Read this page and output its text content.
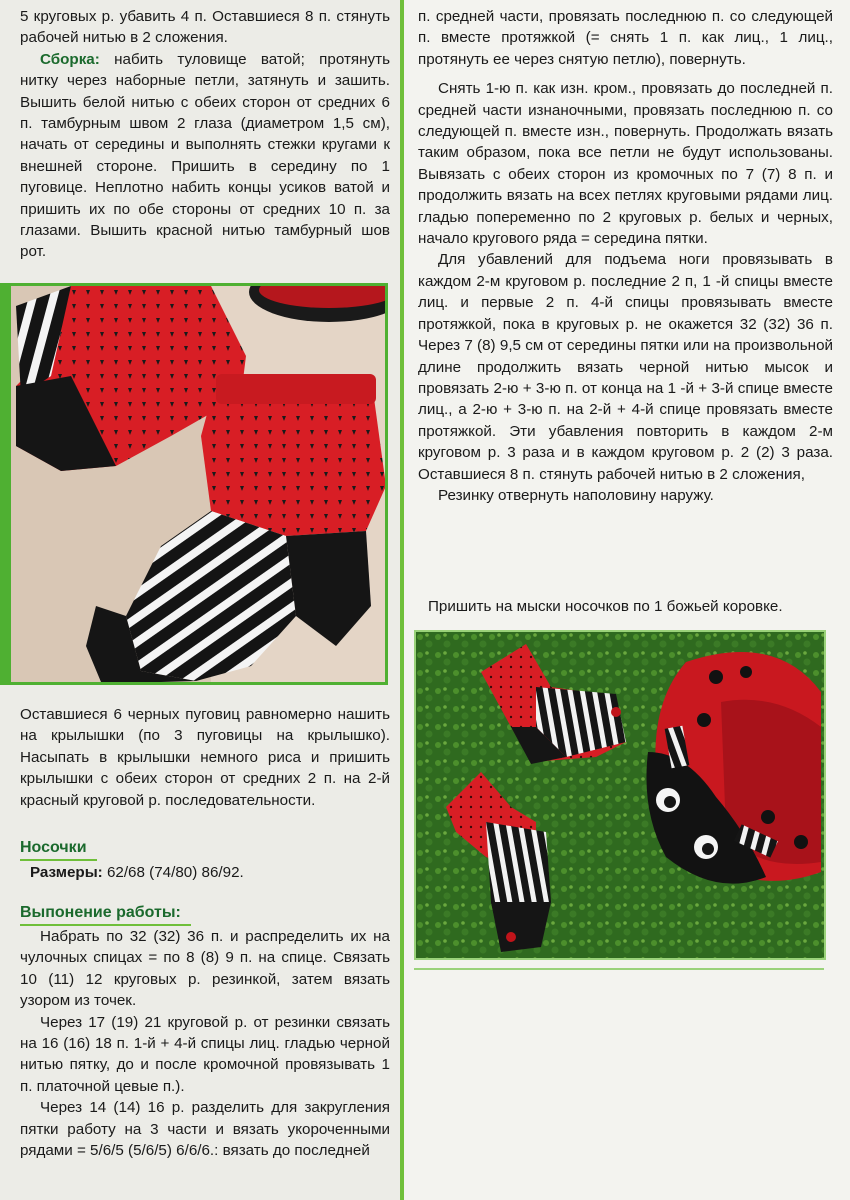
5 круговых р. убавить 4 п. Оставшиеся 8 п. стянуть рабочей нитью в 2 сложения.

Сборка: набить туловище ватой; протянуть нитку через наборные петли, затянуть и зашить. Вышить белой нитью с обеих сторон от средних 6 п. тамбурным швом 2 глаза (диаметром 1,5 см), начать от середины и выполнять стежки кругами к внешней стороне. Пришить в середину по 1 пуговице. Неплотно набить концы усиков ватой и пришить их по обе стороны от средних 10 п. за глазами. Вышить красной нитью тамбурный шов рот.

Оставшиеся 6 черных пуговиц равномерно нашить на крылышки (по 3 пуговицы на крылышко). Насыпать в крылышки немного риса и пришить крылышки с обеих сторон от средних 2 п. на 2-й красный круговой р. последовательности.

Носочки
Размеры: 62/68 (74/80) 86/92.
Выпонение работы:

Набрать по 32 (32) 36 п. и распределить их на чулочных спицах = по 8 (8) 9 п. на спице. Связать 10 (11) 12 круговых р. резинкой, затем вязать узором из точек.

Через 17 (19) 21 круговой р. от резинки связать на 16 (16) 18 п. 1-й + 4-й спицы лиц. гладью черной нитью пятку, до и после кромочной провязывать 1 п. платочной цевые п.).

Через 14 (14) 16 р. разделить для закругления пятки работу на 3 части и вязать укороченными рядами = 5/6/5 (5/6/5) 6/6/6.: вязать до последней

п. средней части, провязать последнюю п. со следующей п. вместе протяжкой (= снять 1 п. как лиц., 1 лиц., протянуть ее через снятую петлю), повернуть.

Снять 1-ю п. как изн. кром., провязать до последней п. средней части изнаночными, провязать последнюю п. со следующей п. вместе изн., повернуть. Продолжать вязать таким образом, пока все петли не будут использованы. Вывязать с обеих сторон из кромочных по 7 (7) 8 п. и продолжить вязать на всех петлях круговыми рядами лиц. гладью попеременно по 2 круговых р. белых и черных, начало кругового ряда = середина пятки.

Для убавлений для подъема ноги провязывать в каждом 2-м круговом р. последние 2 п, 1 -й спицы вместе лиц. и первые 2 п. 4-й спицы провязывать вместе протяжкой, пока в круговых р. не окажется 32 (32) 36 п. Через 7 (8) 9,5 см от середины пятки или на произвольной длине продолжить вязать черной нитью мысок и провязать 2-ю + 3-ю п. от конца на 1 -й + 3-й спице вместе лиц., а 2-ю + 3-ю п. на 2-й + 4-й спице провязать вместе протяжкой. Эти убавления повторить в каждом 2-м круговом р. 3 раза и в каждом круговом р. 2 (2) 3 раза. Оставшиеся 8 п. стянуть рабочей нитью в 2 сложения,

Резинку отвернуть наполовину наружу.

Пришить на мыски носочков по 1 божьей коровке.
